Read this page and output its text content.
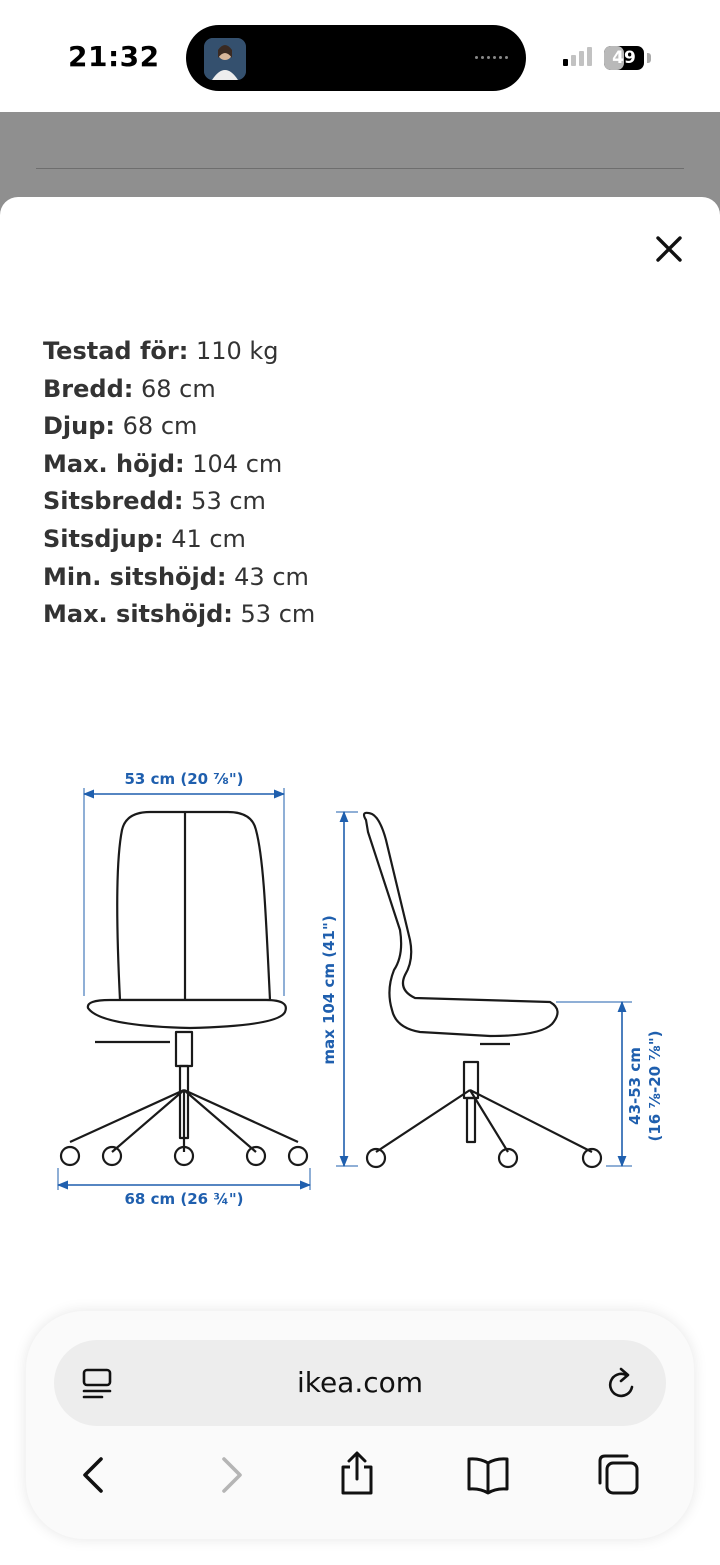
21:32	49
Testad för: 110 kg
Bredd: 68 cm
Djup: 68 cm
Max. höjd: 104 cm
Sitsbredd: 53 cm
Sitsdjup: 41 cm
Min. sitshöjd: 43 cm
Max. sitshöjd: 53 cm
53 cm (20 ⅞")
68 cm (26 ¾")
max 104 cm (41")
43-53 cm (16 ⅞-20 ⅞")
ikea.com
